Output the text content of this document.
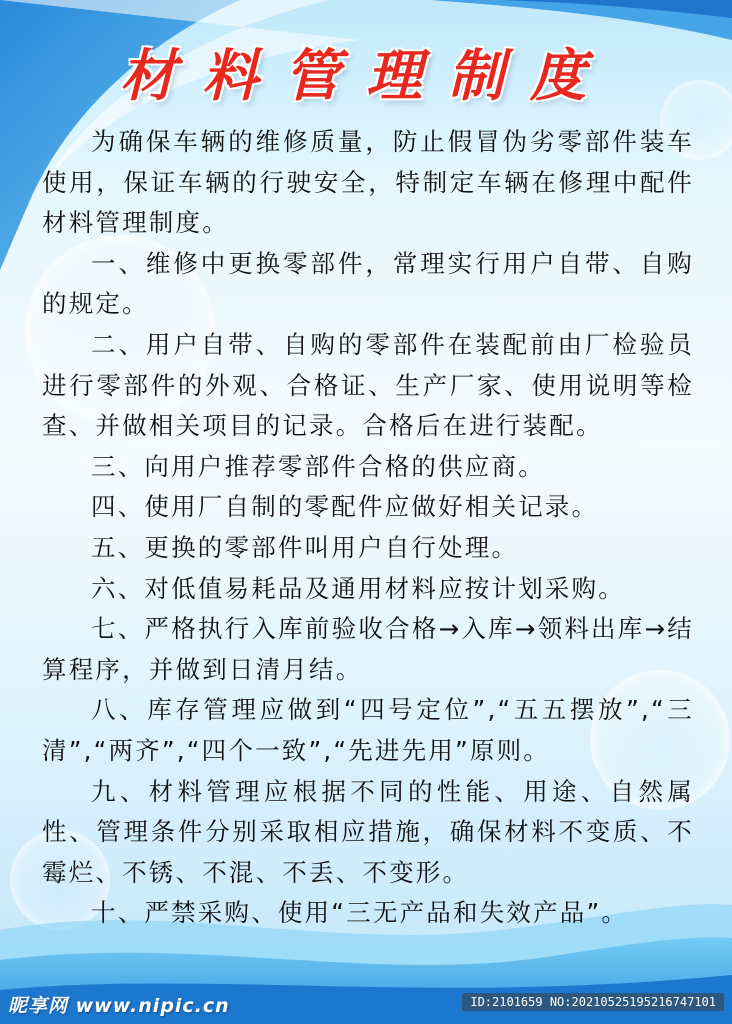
材料管理制度

为确保车辆的维修质量，防止假冒伪劣零部件装车使用，保证车辆的行驶安全，特制定车辆在修理中配件材料管理制度。

一、维修中更换零部件，常理实行用户自带、自购的规定。

二、用户自带、自购的零部件在装配前由厂检验员进行零部件的外观、合格证、生产厂家、使用说明等检查、并做相关项目的记录。合格后在进行装配。

三、向用户推荐零部件合格的供应商。

四、使用厂自制的零配件应做好相关记录。

五、更换的零部件叫用户自行处理。

六、对低值易耗品及通用材料应按计划采购。

七、严格执行入库前验收合格→入库→领料出库→结算程序，并做到日清月结。

八、库存管理应做到“四号定位”,“五五摆放”,“三清”,“两齐”,“四个一致”,“先进先用”原则。

九、材料管理应根据不同的性能、用途、自然属性、管理条件分别采取相应措施，确保材料不变质、不霉烂、不锈、不混、不丢、不变形。

十、严禁采购、使用“三无产品和失效产品”。

昵享网 www.nipic.cn	ID:2101659 NO:20210525195216747101
